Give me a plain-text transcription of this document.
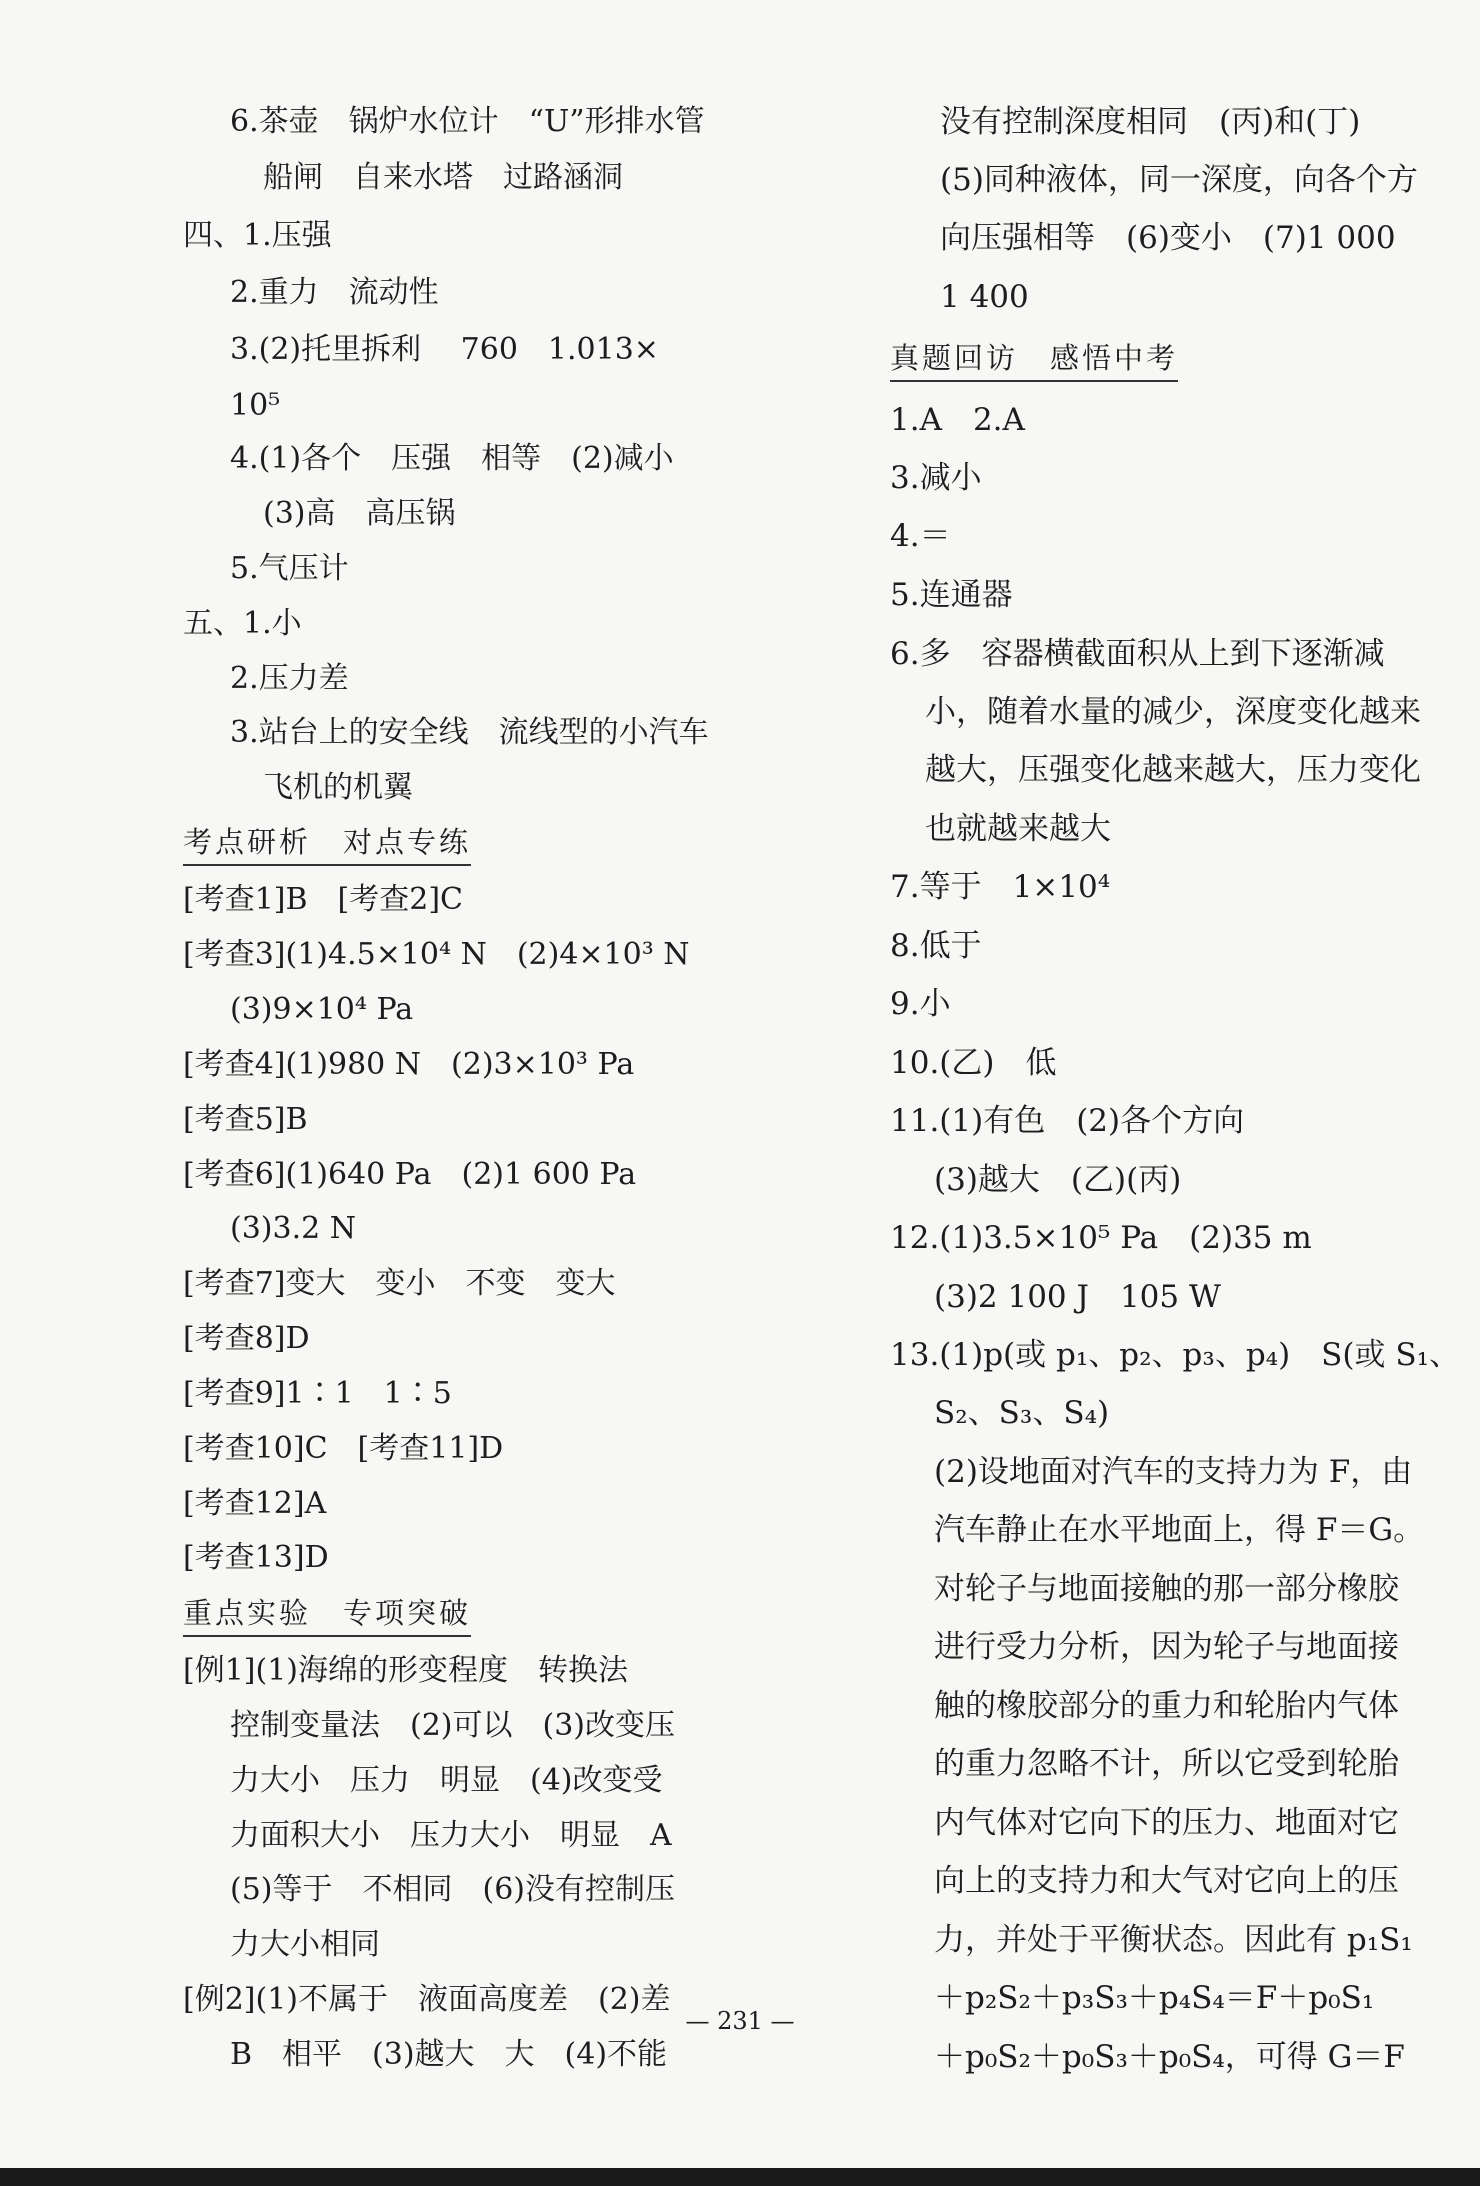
6.茶壶　锅炉水位计　“U”形排水管
船闸　自来水塔　过路涵洞
四、1.压强
2.重力　流动性
3.(2)托里拆利　 760　1.013×
10⁵
4.(1)各个　压强　相等　(2)减小
(3)高　高压锅
5.气压计
五、1.小
2.压力差
3.站台上的安全线　流线型的小汽车
飞机的机翼
考点研析　对点专练
[考查1]B　[考查2]C
[考查3](1)4.5×10⁴ N　(2)4×10³ N
(3)9×10⁴ Pa
[考查4](1)980 N　(2)3×10³ Pa
[考查5]B
[考查6](1)640 Pa　(2)1 600 Pa
(3)3.2 N
[考查7]变大　变小　不变　变大
[考查8]D
[考查9]1∶1　1∶5
[考查10]C　[考查11]D
[考查12]A
[考查13]D
重点实验　专项突破
[例1](1)海绵的形变程度　转换法
控制变量法　(2)可以　(3)改变压
力大小　压力　明显　(4)改变受
力面积大小　压力大小　明显　A
(5)等于　不相同　(6)没有控制压
力大小相同
[例2](1)不属于　液面高度差　(2)差
B　相平　(3)越大　大　(4)不能
没有控制深度相同　(丙)和(丁)
(5)同种液体，同一深度，向各个方
向压强相等　(6)变小　(7)1 000
1 400
真题回访　感悟中考
1.A　2.A
3.减小
4.＝
5.连通器
6.多　容器横截面积从上到下逐渐减
小，随着水量的减少，深度变化越来
越大，压强变化越来越大，压力变化
也就越来越大
7.等于　1×10⁴
8.低于
9.小
10.(乙)　低
11.(1)有色　(2)各个方向
(3)越大　(乙)(丙)
12.(1)3.5×10⁵ Pa　(2)35 m
(3)2 100 J　105 W
13.(1)p(或 p₁、p₂、p₃、p₄)　S(或 S₁、
S₂、S₃、S₄)
(2)设地面对汽车的支持力为 F，由
汽车静止在水平地面上，得 F＝G。
对轮子与地面接触的那一部分橡胶
进行受力分析，因为轮子与地面接
触的橡胶部分的重力和轮胎内气体
的重力忽略不计，所以它受到轮胎
内气体对它向下的压力、地面对它
向上的支持力和大气对它向上的压
力，并处于平衡状态。因此有 p₁S₁
＋p₂S₂＋p₃S₃＋p₄S₄＝F＋p₀S₁
＋p₀S₂＋p₀S₃＋p₀S₄，可得 G＝F
— 231 —
